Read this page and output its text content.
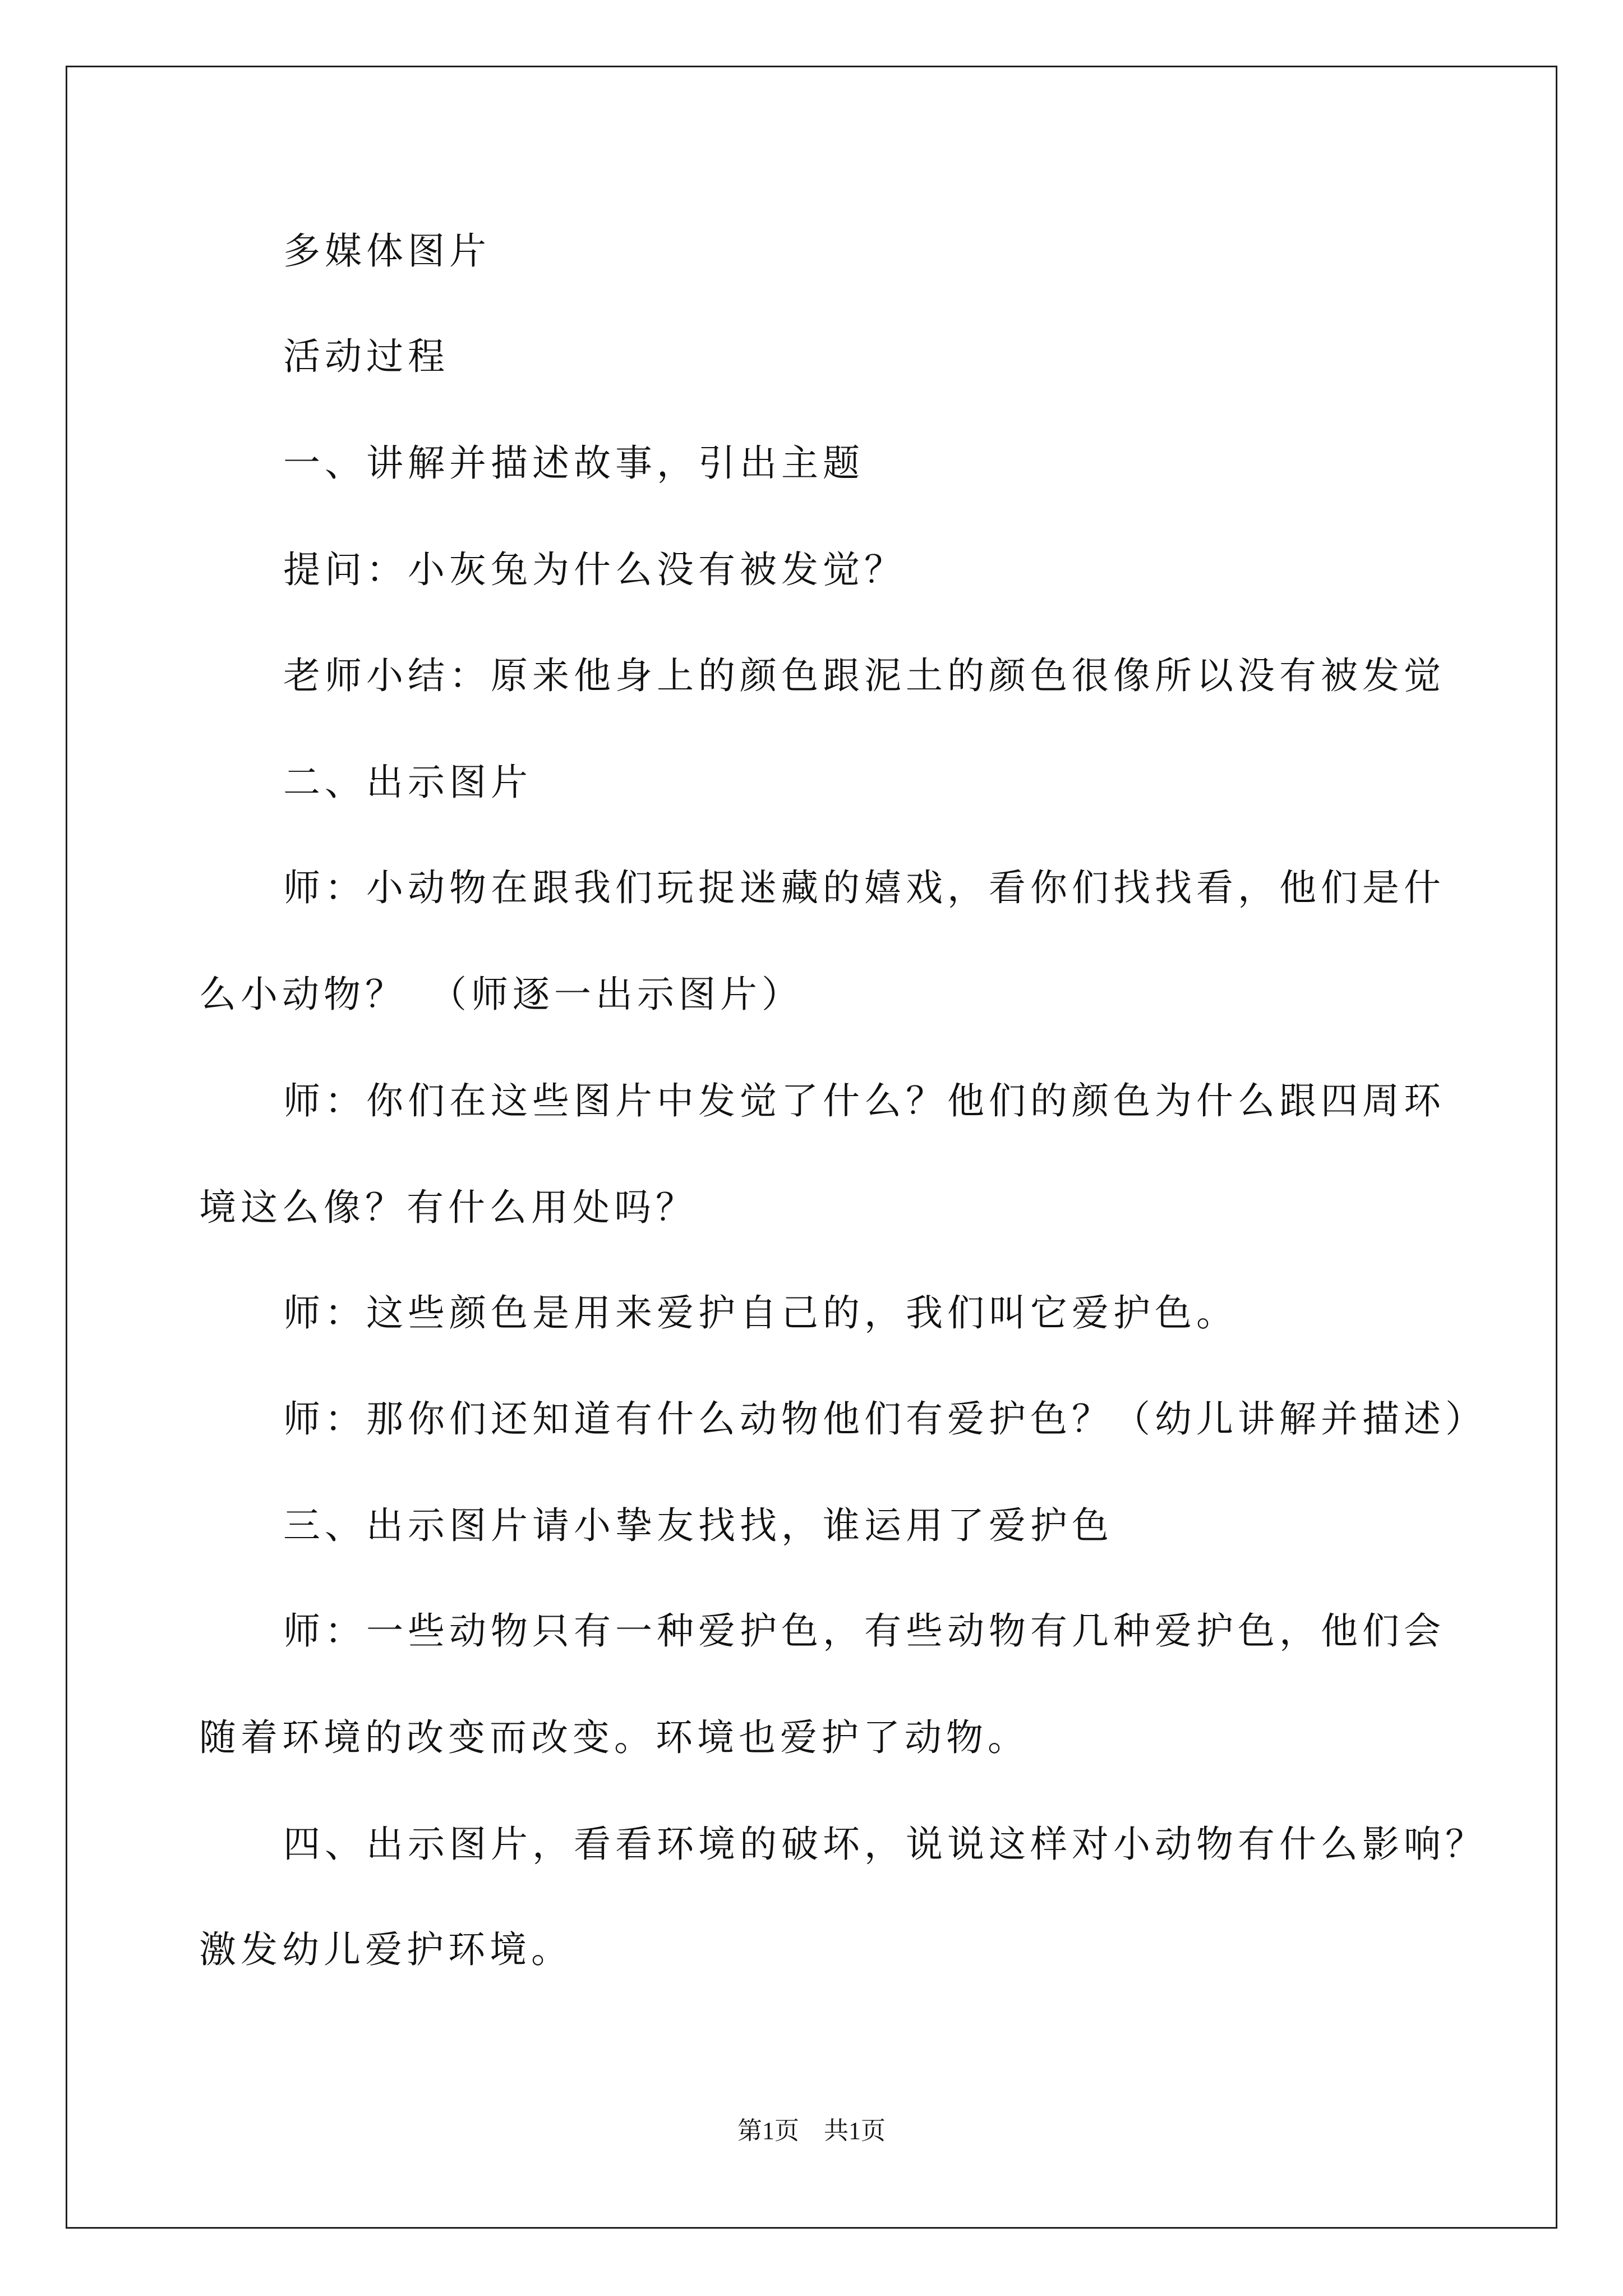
多媒体图片
活动过程
一、讲解并描述故事，引出主题
提问：小灰兔为什么没有被发觉？
老师小结：原来他身上的颜色跟泥土的颜色很像所以没有被发觉
二、出示图片
师：小动物在跟我们玩捉迷藏的嬉戏，看你们找找看，他们是什
么小动物？　（师逐一出示图片）
师：你们在这些图片中发觉了什么？他们的颜色为什么跟四周环
境这么像？有什么用处吗？
师：这些颜色是用来爱护自己的，我们叫它爱护色。
师：那你们还知道有什么动物他们有爱护色？（幼儿讲解并描述）
三、出示图片请小挚友找找，谁运用了爱护色
师：一些动物只有一种爱护色，有些动物有几种爱护色，他们会
随着环境的改变而改变。环境也爱护了动物。
四、出示图片，看看环境的破坏，说说这样对小动物有什么影响？
激发幼儿爱护环境。
第1页　共1页
